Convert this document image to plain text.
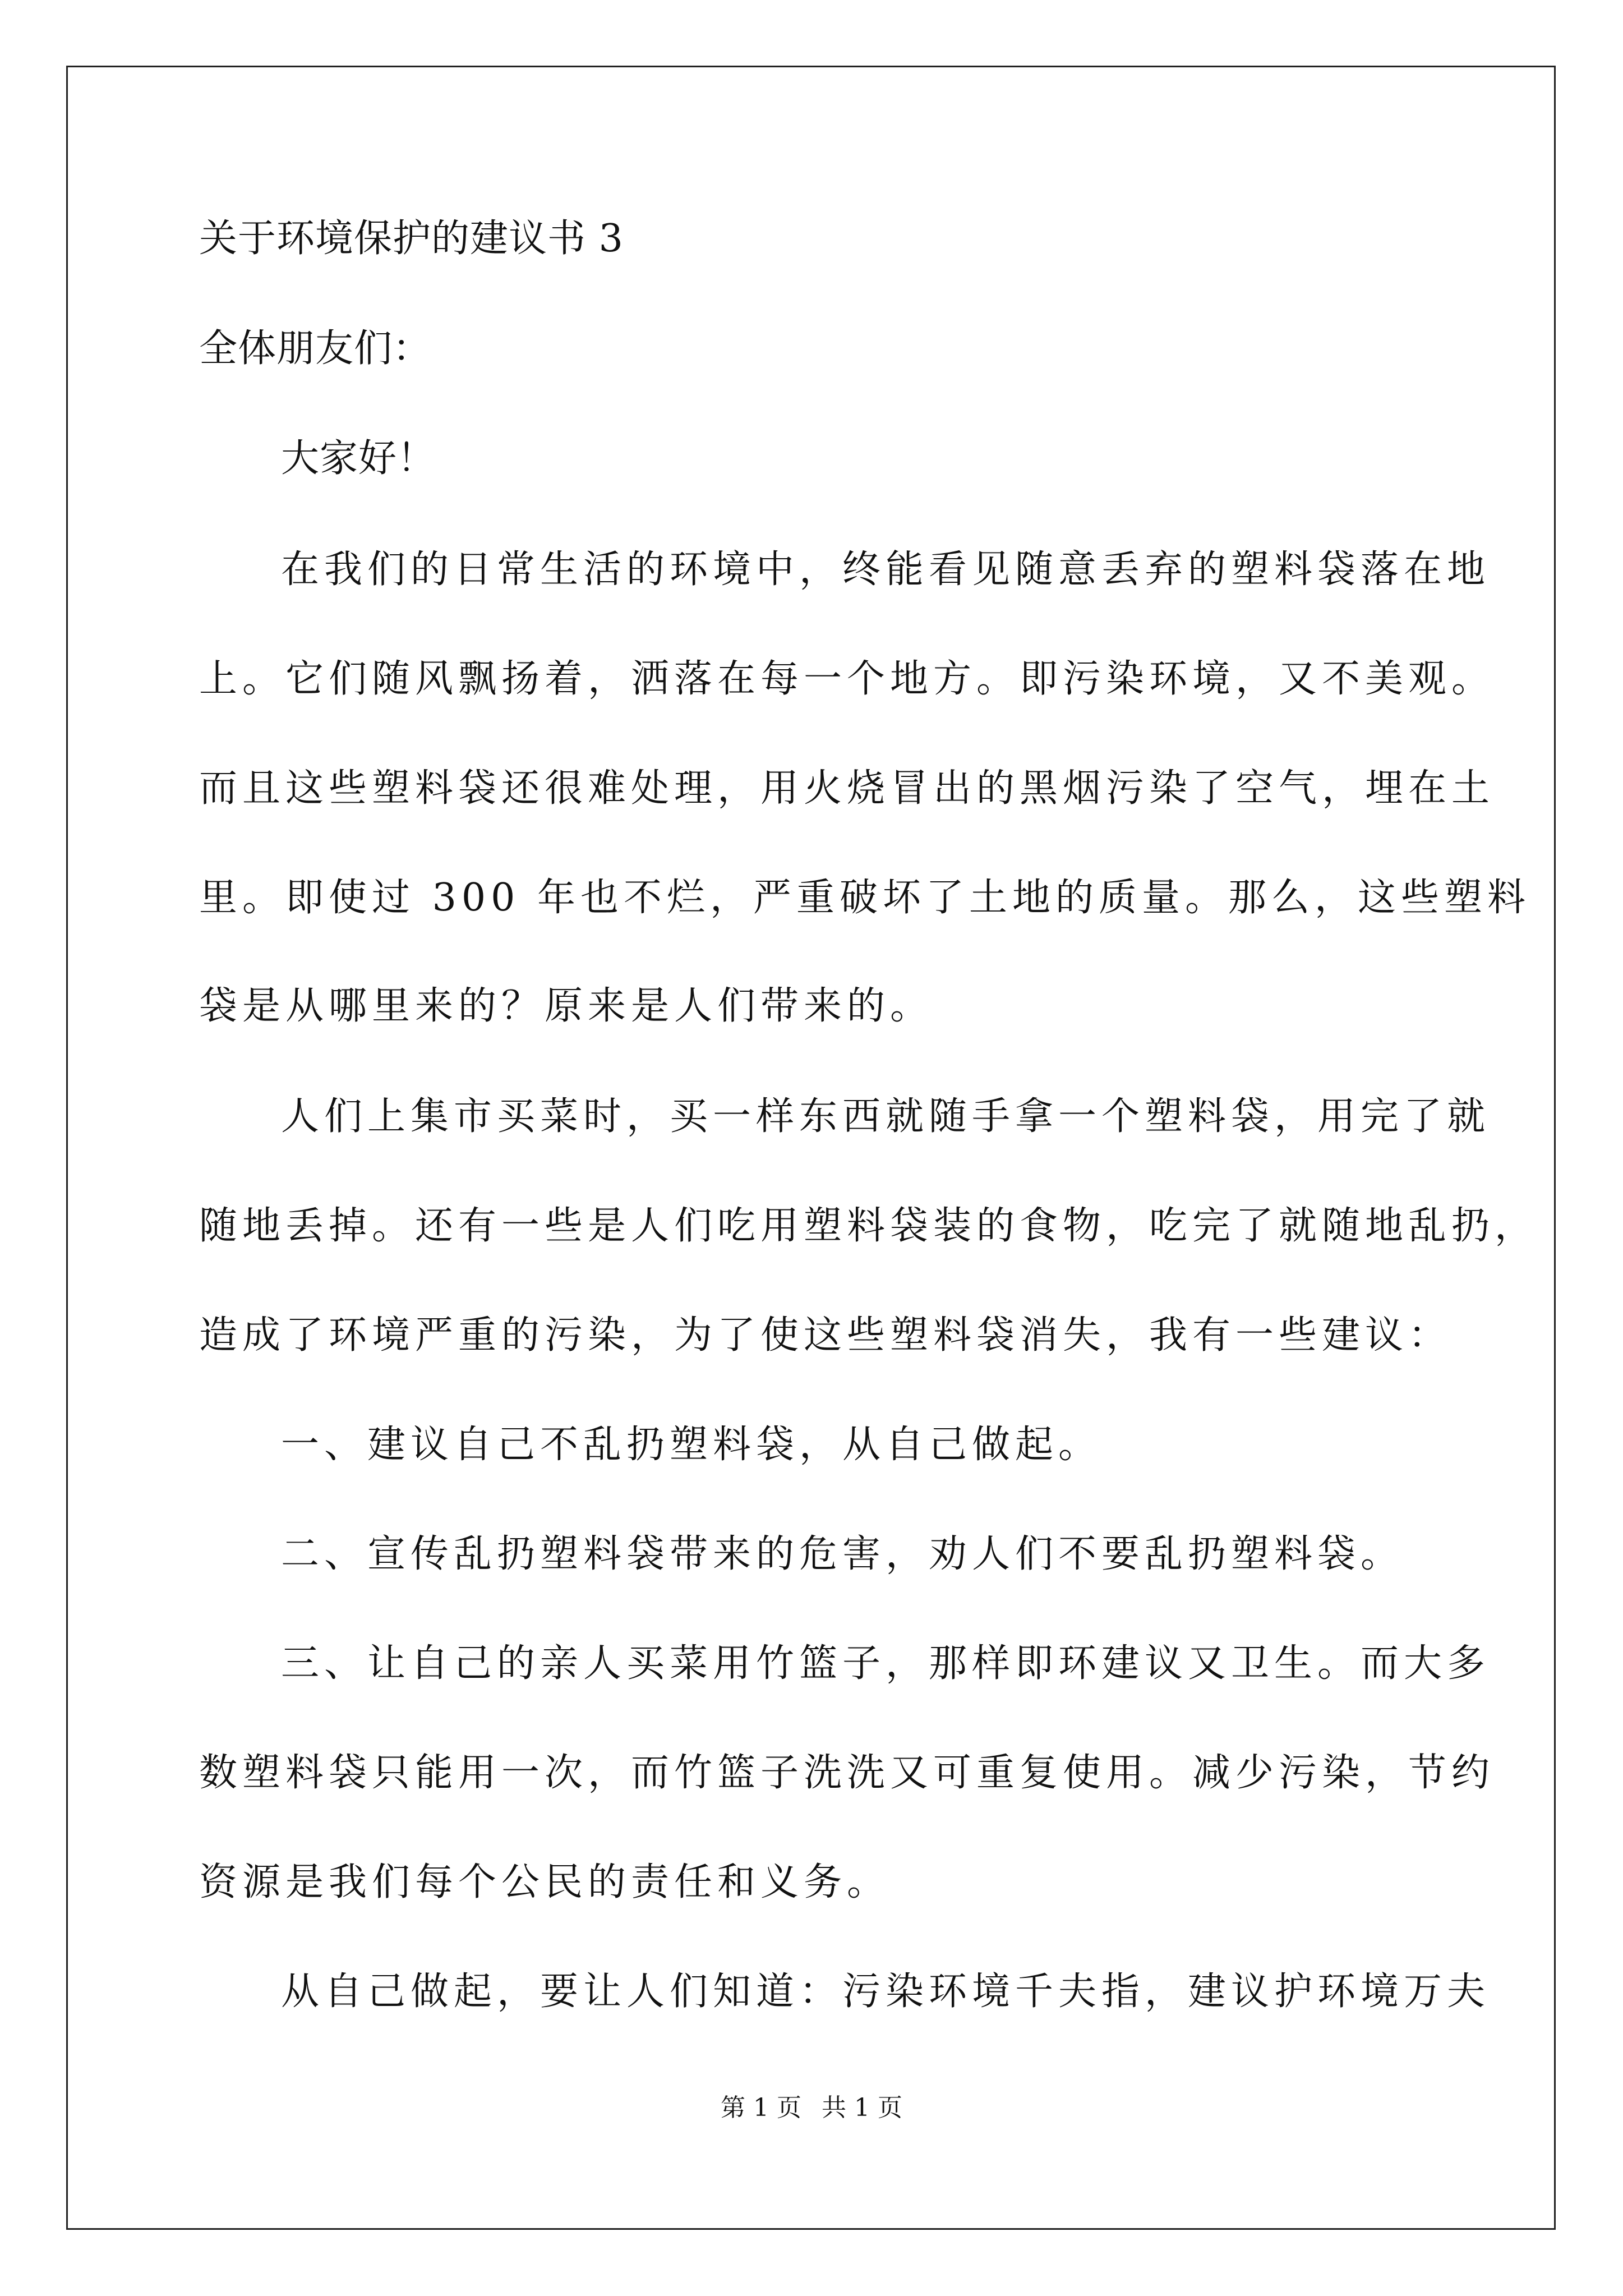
关于环境保护的建议书 3
全体朋友们：
大家好！
在我们的日常生活的环境中，终能看见随意丢弃的塑料袋落在地
上。它们随风飘扬着，洒落在每一个地方。即污染环境，又不美观。
而且这些塑料袋还很难处理，用火烧冒出的黑烟污染了空气，埋在土
里。即使过 300 年也不烂，严重破坏了土地的质量。那么，这些塑料
袋是从哪里来的？原来是人们带来的。
人们上集市买菜时，买一样东西就随手拿一个塑料袋，用完了就
随地丢掉。还有一些是人们吃用塑料袋装的食物，吃完了就随地乱扔，
造成了环境严重的污染，为了使这些塑料袋消失，我有一些建议：
一、建议自己不乱扔塑料袋，从自己做起。
二、宣传乱扔塑料袋带来的危害，劝人们不要乱扔塑料袋。
三、让自己的亲人买菜用竹篮子，那样即环建议又卫生。而大多
数塑料袋只能用一次，而竹篮子洗洗又可重复使用。减少污染，节约
资源是我们每个公民的责任和义务。
从自己做起，要让人们知道：污染环境千夫指，建议护环境万夫
第 1 页 共 1 页
